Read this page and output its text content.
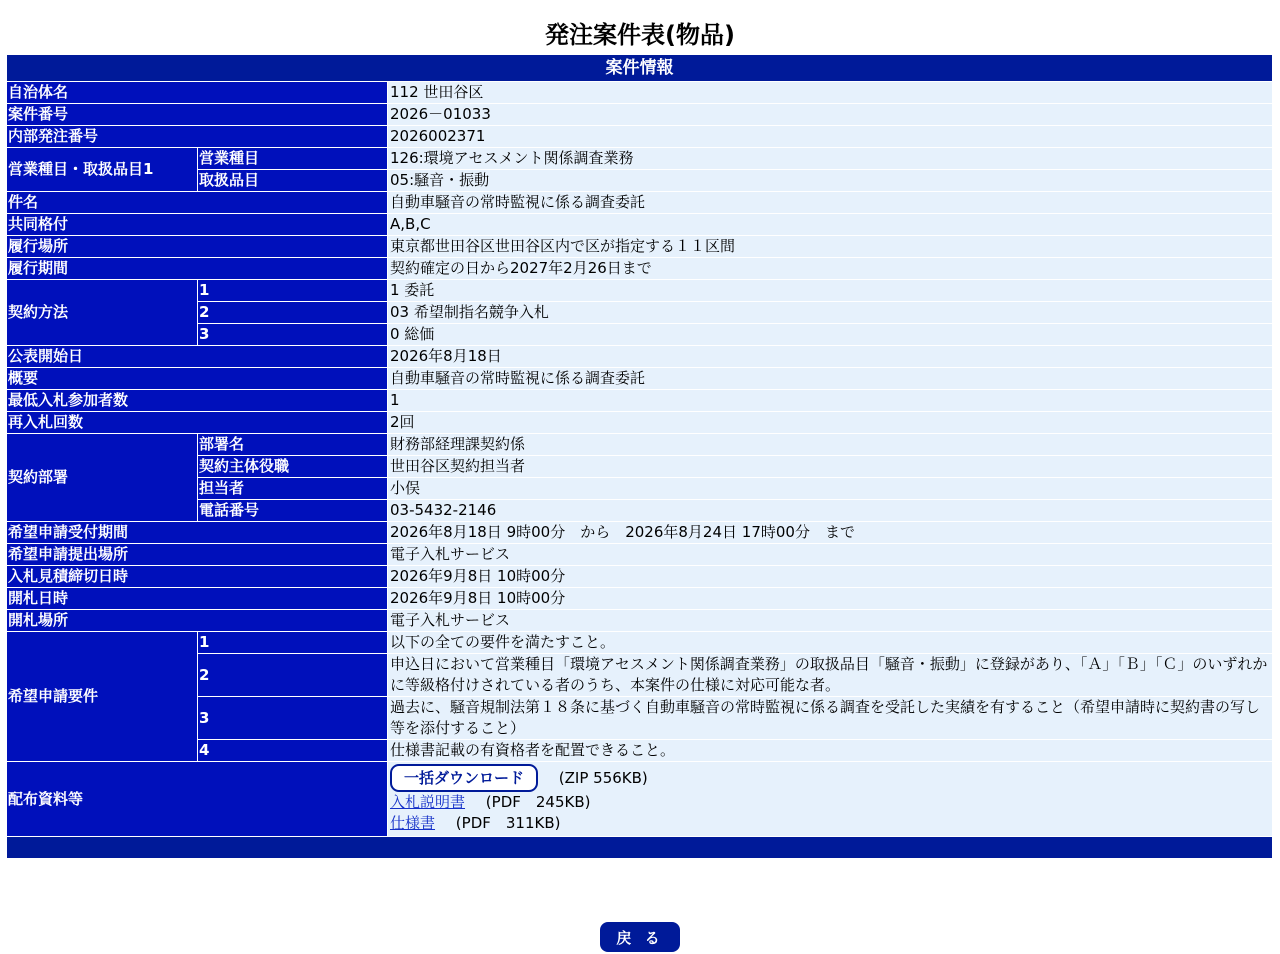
発注案件表(物品)
案件情報		
自治体名		112 世田谷区
案件番号		2026－01033
内部発注番号		2026002371
営業種目・取扱品目1	営業種目	126:環境アセスメント関係調査業務
	取扱品目	05:騒音・振動
件名		自動車騒音の常時監視に係る調査委託
共同格付		A,B,C
履行場所		東京都世田谷区世田谷区内で区が指定する１１区間
履行期間		契約確定の日から2027年2月26日まで
契約方法	1	1 委託
	2	03 希望制指名競争入札
	3	0 総価
公表開始日		2026年8月18日
概要		自動車騒音の常時監視に係る調査委託
最低入札参加者数		1
再入札回数		2回
契約部署	部署名	財務部経理課契約係
	契約主体役職	世田谷区契約担当者
	担当者	小俣
	電話番号	03-5432-2146
希望申請受付期間		2026年8月18日 9時00分　から　2026年8月24日 17時00分　まで
希望申請提出場所		電子入札サービス
入札見積締切日時		2026年9月8日 10時00分
開札日時		2026年9月8日 10時00分
開札場所		電子入札サービス
希望申請要件	1	以下の全ての要件を満たすこと。
	2	申込日において営業種目「環境アセスメント関係調査業務」の取扱品目「騒音・振動」に登録があり、「Ａ」「Ｂ」「Ｃ」のいずれかに等級格付けされている者のうち、本案件の仕様に対応可能な者。
	3	過去に、騒音規制法第１８条に基づく自動車騒音の常時監視に係る調査を受託した実績を有すること（希望申請時に契約書の写し等を添付すること）
	4	仕様書記載の有資格者を配置できること。
配布資料等		一括ダウンロード (ZIP 556KB)
入札説明書 (PDF　245KB)
仕様書 (PDF　311KB)

戻 る
